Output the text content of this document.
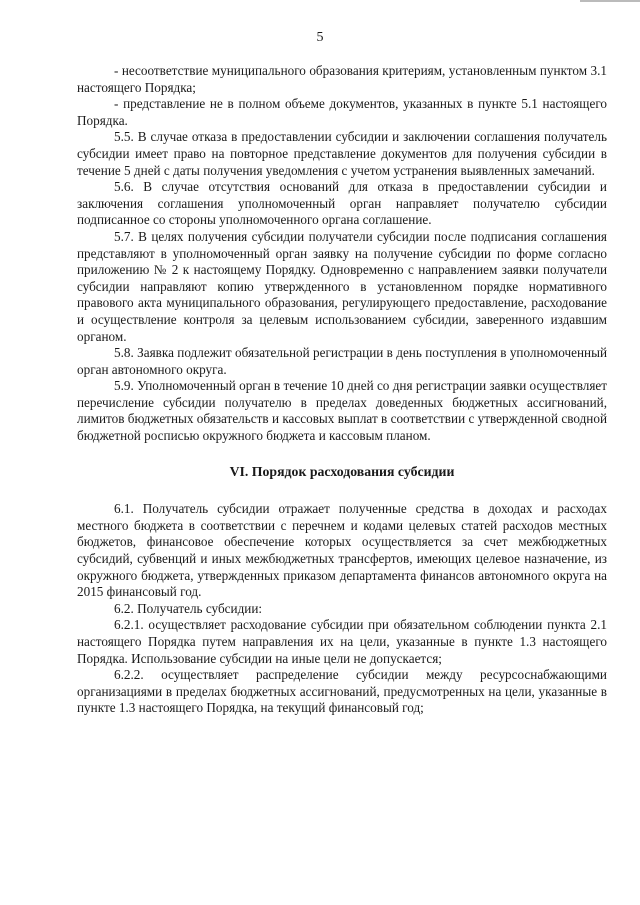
5

- несоответствие муниципального образования критериям, установленным пунктом 3.1 настоящего Порядка;

- представление не в полном объеме документов, указанных в пункте 5.1 настоящего Порядка.

5.5. В случае отказа в предоставлении субсидии и заключении соглашения получатель субсидии имеет право на повторное представление документов для получения субсидии в течение 5 дней с даты получения уведомления с учетом устранения выявленных замечаний.

5.6. В случае отсутствия оснований для отказа в предоставлении субсидии и заключения соглашения уполномоченный орган направляет получателю субсидии подписанное со стороны уполномоченного органа соглашение.

5.7. В целях получения субсидии получатели субсидии после подписания соглашения представляют в уполномоченный орган заявку на получение субсидии по форме согласно приложению № 2 к настоящему Порядку. Одновременно с направлением заявки получатели субсидии направляют копию утвержденного в установленном порядке нормативного правового акта муниципального образования, регулирующего предоставление, расходование и осуществление контроля за целевым использованием субсидии, заверенного издавшим органом.

5.8. Заявка подлежит обязательной регистрации в день поступления в уполномоченный орган автономного округа.

5.9. Уполномоченный орган в течение 10 дней со дня регистрации заявки осуществляет перечисление субсидии получателю в пределах доведенных бюджетных ассигнований, лимитов бюджетных обязательств и кассовых выплат в соответствии с утвержденной сводной бюджетной росписью окружного бюджета и кассовым планом.

VI. Порядок расходования субсидии

6.1. Получатель субсидии отражает полученные средства в доходах и расходах местного бюджета в соответствии с перечнем и кодами целевых статей расходов местных бюджетов, финансовое обеспечение которых осуществляется за счет межбюджетных субсидий, субвенций и иных межбюджетных трансфертов, имеющих целевое назначение, из окружного бюджета, утвержденных приказом департамента финансов автономного округа на 2015 финансовый год.

6.2. Получатель субсидии:

6.2.1. осуществляет расходование субсидии при обязательном соблюдении пункта 2.1 настоящего Порядка путем направления их на цели, указанные в пункте 1.3 настоящего Порядка. Использование субсидии на иные цели не допускается;

6.2.2. осуществляет распределение субсидии между ресурсоснабжающими организациями в пределах бюджетных ассигнований, предусмотренных на цели, указанные в пункте 1.3 настоящего Порядка, на текущий финансовый год;
